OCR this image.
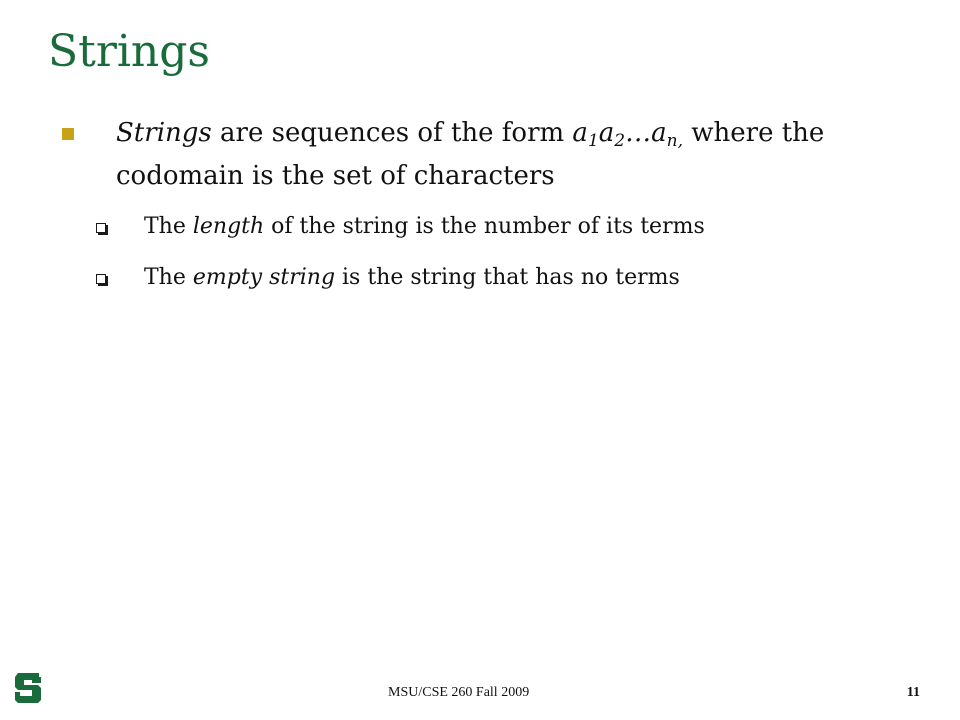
Strings
Strings are sequences of the form $a_1a_2\dots a_{n,}$ where the codomain is the set of characters
The length of the string is the number of its terms
The empty string is the string that has no terms
MSU/CSE 260 Fall 2009	11
